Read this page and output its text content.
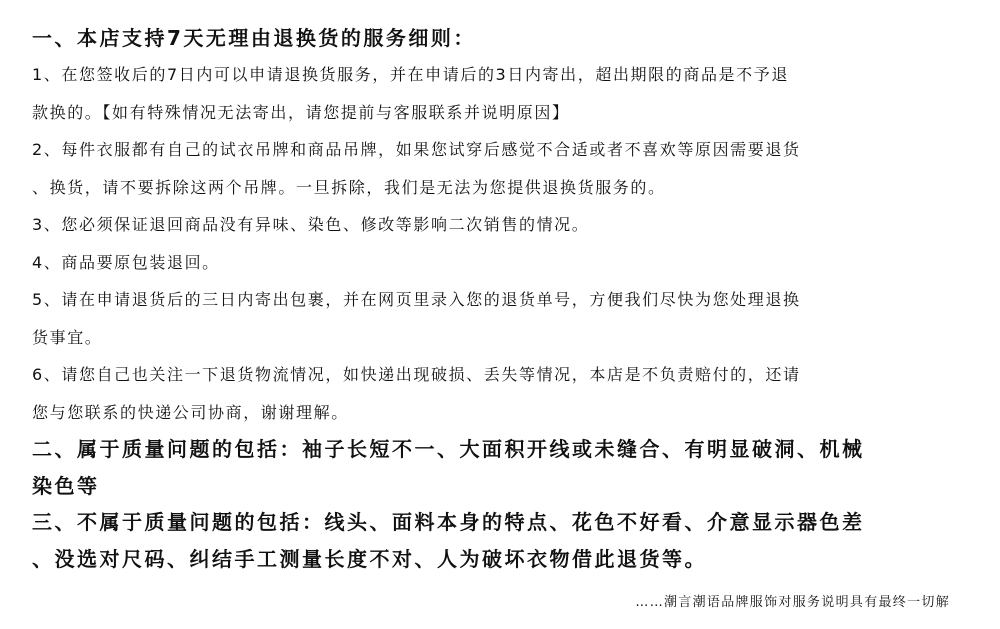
一、本店支持7天无理由退换货的服务细则：
1、在您签收后的7日内可以申请退换货服务，并在申请后的3日内寄出，超出期限的商品是不予退
款换的。【如有特殊情况无法寄出，请您提前与客服联系并说明原因】
2、每件衣服都有自己的试衣吊牌和商品吊牌，如果您试穿后感觉不合适或者不喜欢等原因需要退货
、换货，请不要拆除这两个吊牌。一旦拆除，我们是无法为您提供退换货服务的。
3、您必须保证退回商品没有异味、染色、修改等影响二次销售的情况。
4、商品要原包装退回。
5、请在申请退货后的三日内寄出包裹，并在网页里录入您的退货单号，方便我们尽快为您处理退换
货事宜。
6、请您自己也关注一下退货物流情况，如快递出现破损、丢失等情况，本店是不负责赔付的，还请
您与您联系的快递公司协商，谢谢理解。
二、属于质量问题的包括：袖子长短不一、大面积开线或未缝合、有明显破洞、机械
染色等
三、不属于质量问题的包括：线头、面料本身的特点、花色不好看、介意显示器色差
、没选对尺码、纠结手工测量长度不对、人为破坏衣物借此退货等。
……潮言潮语品牌服饰对服务说明具有最终一切解
